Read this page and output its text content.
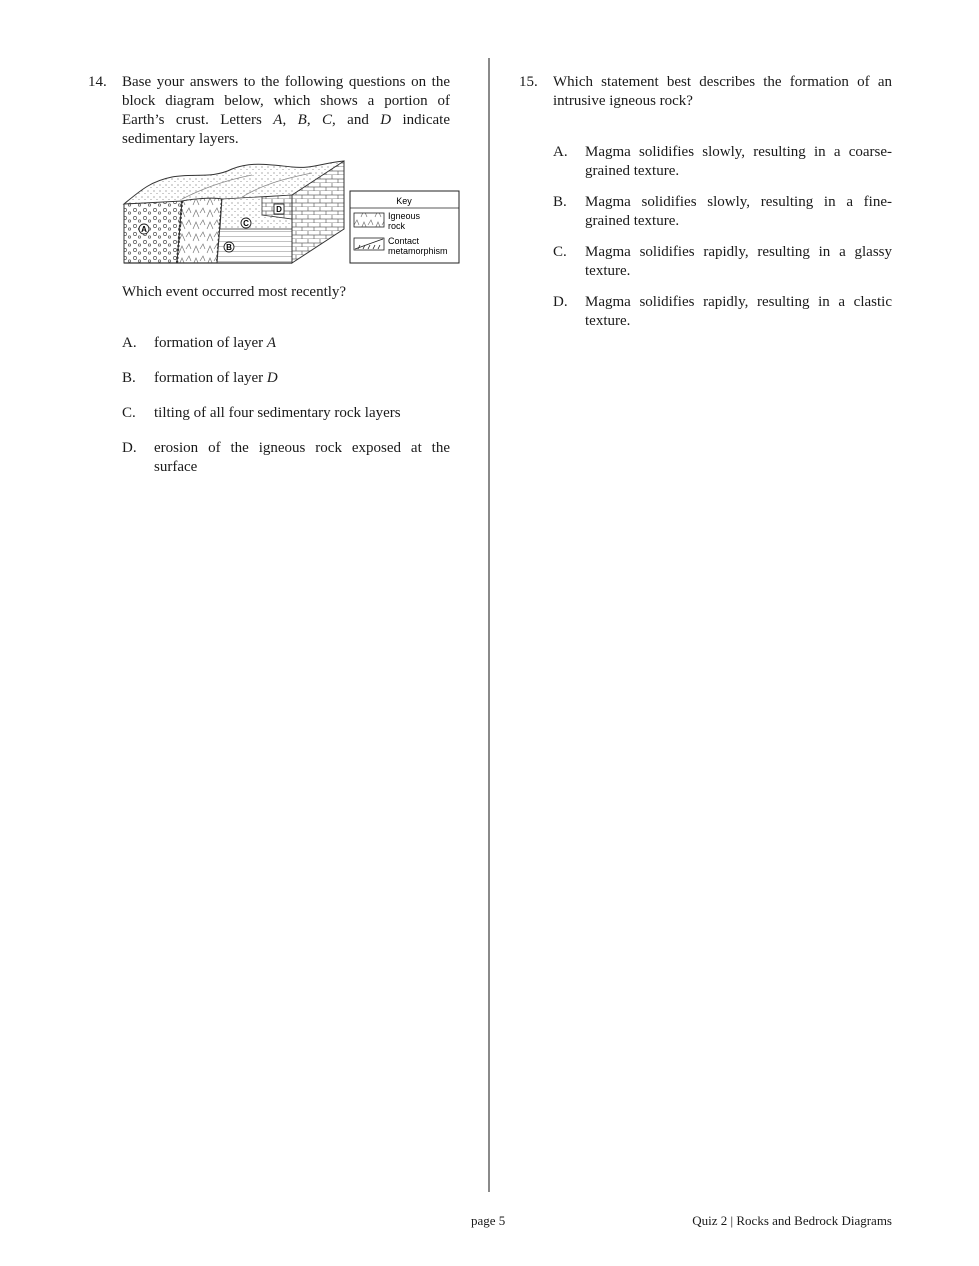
14. Base your answers to the following questions on the block diagram below, which shows a portion of Earth’s crust. Letters A, B, C, and D indicate sedimentary layers.

A
B
C
D
Key
Igneous
rock
Contact
metamorphism

Which event occurred most recently?

A. formation of layer A
B. formation of layer D
C. tilting of all four sedimentary rock layers
D. erosion of the igneous rock exposed at the surface
15. Which statement best describes the formation of an intrusive igneous rock?

A. Magma solidifies slowly, resulting in a coarse-grained texture.
B. Magma solidifies slowly, resulting in a fine-grained texture.
C. Magma solidifies rapidly, resulting in a glassy texture.
D. Magma solidifies rapidly, resulting in a clastic texture.
page 5	Quiz 2 | Rocks and Bedrock Diagrams
